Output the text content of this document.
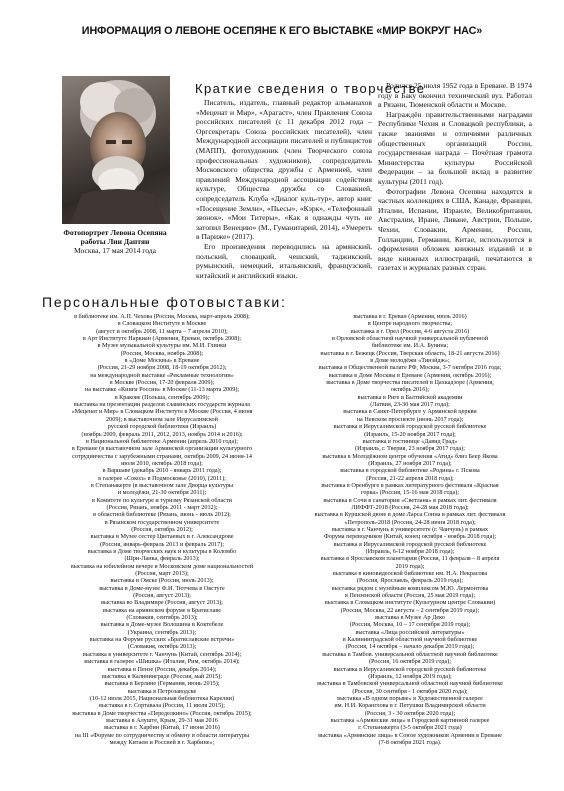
ИНФОРМАЦИЯ О ЛЕВОНЕ ОСЕПЯНЕ К ЕГО ВЫСТАВКЕ «МИР ВОКРУГ НАС»
Фотопортрет Левона Осепяна
работы Лии Даптян
Москва, 17 мая 2014 года
Краткие сведения о творчестве

Писатель, издатель, главный редактор альманахов «Меценат и Мир», «Арагаст», член Правления Союза российских писателей (с 11 декабря 2012 года – Оргсекретарь Союза российских писателей), член Международной ассоциации писателей и публицистов (МАПП), фотохудожник (член Творческого союза профессиональных художников), сопредседатель Московского общества дружбы с Арменией, член правлений Международной ассоциации содействия культуре, Общества дружбы со Словакией, сопредседатель Клуба «Диалог куль-тур», автор книг «Посещение Земли», «Пьесы», «Кэрк», «Телефонный звонок», «Мои Титеры», «Как я однажды чуть не затопил Венецию» (М., Гуманитарий, 2014), «Умереть в Париже» (2017).

Его произведения переводились на армянский, польский, словацкий, чешский, таджикский, румынский, немецкий, итальянский, французский, китайский и английский языки.

Родился 25 июля 1952 года в Ереване. В 1974 году в Баку окончил технический вуз. Работал в Рязани, Тюменской области и Москве.

Награждён правительственными наградами Республики Чехия и Словацкой республики, а также званиями и отличиями различных общественных организаций России, государственная награда – Почётная грамота Министерства культуры Российской Федерации – за большой вклад в развитие культуры (2011 год).

Фотографии Левона Осепяна находятся в частных коллекциях в США, Канаде, Франции, Италии, Испании, Израиле, Великобритании, Австралии, Иране, Ливане, Австрии, Польше, Чехии, Словакии, Армении, России, Голландии, Германии, Китае, используются в оформлении обложек книжных изданий и в виде книжных иллюстраций, печатаются в газетах и журналах разных стран.

Персональные фотовыставки:
в библиотеке им. А.П. Чехова (Россия, Москва, март-апрель 2008);
в Словацком Институте в Москве
(август и октябрь 2008, 11 марта – 7 апреля 2010);
в Арт Институте Наркиан (Армения, Ереван, октябрь 2008);
в Музее музыкальной культуры им. М.И. Глинки
(Россия, Москва, ноябрь 2008);
в «Доме Москвы» в Ереване
(Россия, 21-29 ноября 2008, 18-19 октября 2012);
на международной выставке «Рекламные технологии»
в Москве (Россия, 17-20 февраля 2009);
на выставке «Книги России» в Москве (11-13 марта 2009);
в Кракове (Польша, сентябрь 2009);
выставка на презентации разделов славянских государств журнала
«Меценат и Мир» в Словацком Институте в Москве (Россия, 4 июня
2009); в выставочном зале Иерусалимской
русской городской библиотеки (Израиль)
(ноябрь 2009, февраль 2011, 2012, 2013, ноябрь 2014 и 2016);
в Национальной библиотеке Армении (апрель 2010 года);
в Ереване (в выставочном зале Армянской организации культурного
сотрудничества с зарубежными странами, октябрь 2009, 24 июня-14
июля 2010, октябрь 2018 года);
в Варшаве (декабрь 2010 - январь 2011 года);
в галерее «Сокол» в Подмосковье (2010), (2011);
в Степанакерте (в выставочном зале Дворца культуры
и молодёжи, 21-30 октября 2011);
в Комитете по культуре и туризму Рязанской области
(Россия, Рязань, ноябрь 2011 - март 2012);
в областной библиотеке (Рязань, июнь - июль 2012);
в Рязанском государственном университете
(Россия, октябрь 2012);
выставка в Музее сестер Цветаевых в г. Александрове
(Россия, январь-февраль 2013 и февраль 2017);
выставка в Доме творческих наук и культуры в Коломбо
(Шри-Ланка, февраль 2013);
выставка на юбилейном вечере в Московском доме национальностей
(Россия, март 2013);
выставка в Омске (Россия, июль 2013);
выставка в Доме-музее Ф.И. Тютчева в Овстуге
(Россия, август 2013);
выставка во Владимире (Россия, август 2013);
выставка на армянском форуме в Братиславе
(Словакия, сентябрь 2013);
выставка в Доме-музее Волошина в Коктебеле
(Украина, сентябрь 2013);
выставка на Форуме русских «Братиславские встречи»
(Словакия, октябрь 2013);
выставка в университете г. Чанчунь (Китай, сентябрь 2014);
выставка в галерее «Шишка» (Италия, Рим, октябрь 2014);
выставка в Пензе (Россия, декабрь 2014);
выставка в Калининграде (Россия, май 2015);
выставка в Берлине (Германия, июнь 2015);
выставка в Петрозаводске
(10-12 июля 2015, Национальная библиотека Карелии)
выставка в г. Сортавала (Россия, 11 июля 2015);
выставка в Доме творчества «Переделкино» (Россия, октябрь 2015);
выставка в Алуште, Крым, 29-31 мая 2016
выставка в г. Харбин (Китай, 17 июня 2016)
на III «Форуме по сотрудничеству и обмену в области литературы
между Китаем и Россией в г. Харбине»;
выставка в г. Ереван (Армения, июль 2016)
в Центре народного творчества;
выставка в г. Орел (Россия, 4-6 августа 2016)
в Орловской областной научной универсальной публичной
библиотеке им. И.А. Бунина;
выставка в г. Бежецк (Россия, Тверская область, 18-21 августа 2016)
в Доме молодёжи «Тинэйдж»;
выставка в Общественной палате РФ, Москва, 3-7 октября 2016 года;
выставка в Доме Москвы в Ереване (Армения, октябрь 2016);
выставка в Доме творчества писателей в Цахкадзоре (Армения,
октябрь 2016);
выставка в Риге в Балтийской академии
(Латвия, 23-30 мая 2017 года);
выставка в Санкт-Петербурге у Армянской церкви
на Невском проспекте (июнь 2017 года);
выставка в Иерусалимской городской русской библиотеке
(Израиль, 15-20 ноября 2017 года);
выставка в гостинице «Давид Град»
(Израиль, г. Тверия, 23 ноября 2017 года);
выставка в Молодёжном центре обучения «Атид» близ Беер Якова
(Израиль, 27 ноября 2017 года);
выставка в городской библиотеке «Родина» г. Пскова
(Россия, 21-22 апреля 2018 года);
выставка в Оренбурге в рамках литературного фестиваля «Красная
горка» (Россия, 15-16 мая 2018 года);
выставка в Сочи в санатории «Светлана» в рамках лит. фестиваля
ЛИФФТ-2018 (Россия, 24-28 мая 2018 года);
выставка в Куршской дюне в доме Ларса Сонна в рамках лит. фестиваля
«Петрополь-2018 (Россия, 24-28 июня 2018 года);
выставка в г. Чанчунь в университете (г. Чанчунь) в рамках
Форума переводчиков (Китай, конец октября - ноябрь 2018 года);
выставка в Иерусалимской городской русской библиотеке
(Израиль, 6-12 ноября 2018 года);
выставка в Ярославском планетарии (Россия, 11 февраля – 8 апреля
2019 года);
выставка в киновидеоской библиотеке им. Н.А. Некрасова
(Россия, Ярославль, февраль 2019 года);
выставка рядом с музейным комплексом М.Ю. Лермонтова
в Пензенской области (Россия, 25 мая 2019 года);
выставка в Словацком институте (Культурном центре Словакии)
(Россия, Москва, 22 августа – 2 сентября 2019 года);
выставка в Музее Ар Деко
(Россия, Москва, 10 – 17 сентября 2019 года);
выставка «Лица российской литературы»
в Калининградской областной научной библиотеке
(Россия, 14 октября – начало декабря 2019 года);
выставка в Тамбов. универсальной областной научной библиотеке
(Россия, 16 октября 2019 года);
выставка в Иерусалимской городской русской библиотеке
(Израиль, 12 ноября 2019 года);
выставка в Тамбовской универсальной областной научной библиотеке
(Россия, 30 сентября - 1 октября 2020 года);
выставка «В одном порыве» в Художественной галерее
им. Н.И. Коранглова в г. Петушки Владимирской области
(Россия, 3 - 30 октября 2020 года);
выставка «Армянские лица» в Городской картинной галерее
г. Степанакерта (3-5 октября 2021 года)
выставка «Армянские лица» в Союзе художников Армении в Ереване
(7-8 октября 2021 года).
